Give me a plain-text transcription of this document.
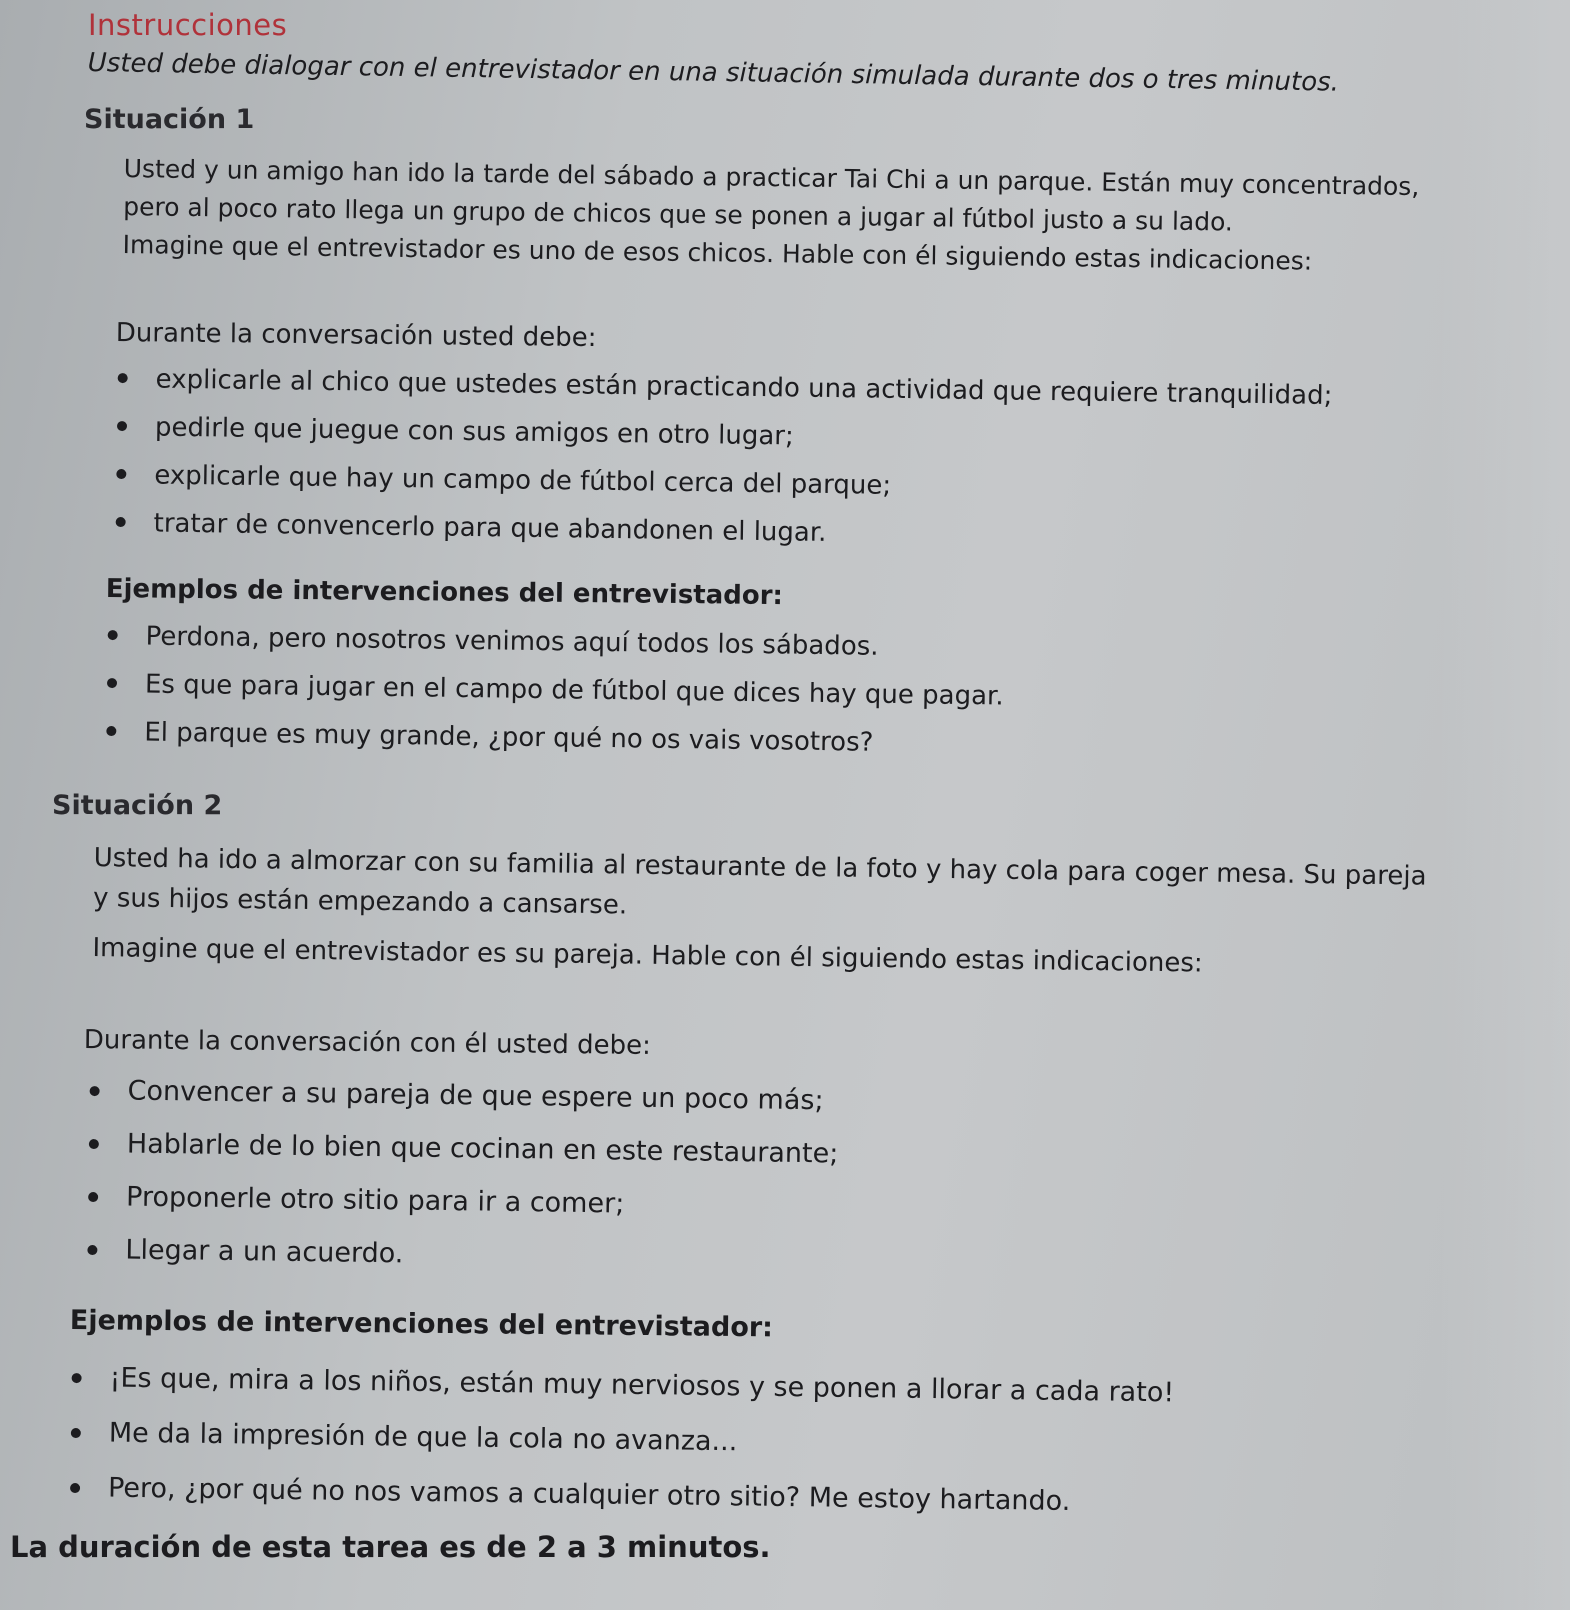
Instrucciones
Usted debe dialogar con el entrevistador en una situación simulada durante dos o tres minutos.
Situación 1

Usted y un amigo han ido la tarde del sábado a practicar Tai Chi a un parque. Están muy concentrados,

pero al poco rato llega un grupo de chicos que se ponen a jugar al fútbol justo a su lado.

Imagine que el entrevistador es uno de esos chicos. Hable con él siguiendo estas indicaciones:

Durante la conversación usted debe:
explicarle al chico que ustedes están practicando una actividad que requiere tranquilidad;
pedirle que juegue con sus amigos en otro lugar;
explicarle que hay un campo de fútbol cerca del parque;
tratar de convencerlo para que abandonen el lugar.
Ejemplos de intervenciones del entrevistador:
Perdona, pero nosotros venimos aquí todos los sábados.
Es que para jugar en el campo de fútbol que dices hay que pagar.
El parque es muy grande, ¿por qué no os vais vosotros?
Situación 2

Usted ha ido a almorzar con su familia al restaurante de la foto y hay cola para coger mesa. Su pareja

y sus hijos están empezando a cansarse.

Imagine que el entrevistador es su pareja. Hable con él siguiendo estas indicaciones:

Durante la conversación con él usted debe:
Convencer a su pareja de que espere un poco más;
Hablarle de lo bien que cocinan en este restaurante;
Proponerle otro sitio para ir a comer;
Llegar a un acuerdo.
Ejemplos de intervenciones del entrevistador:
¡Es que, mira a los niños, están muy nerviosos y se ponen a llorar a cada rato!
Me da la impresión de que la cola no avanza...
Pero, ¿por qué no nos vamos a cualquier otro sitio? Me estoy hartando.
La duración de esta tarea es de 2 a 3 minutos.
